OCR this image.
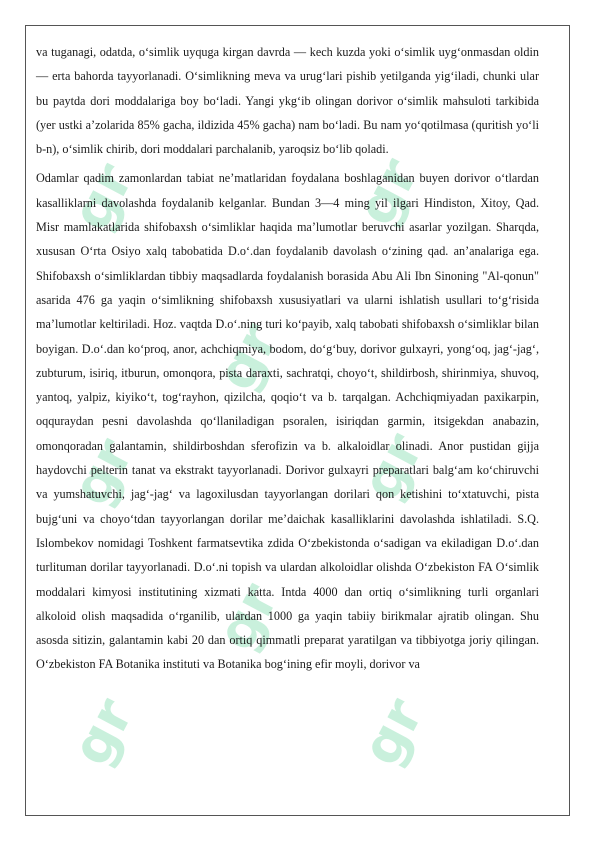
gr	gr
gr
gr	gr
gr
gr	gr

va tuganagi, odatda, o‘simlik uyquga kirgan davrda — kech kuzda yoki o‘simlik uyg‘onmasdan oldin — erta bahorda tayyorlanadi. O‘simlikning meva va urug‘lari pishib yetilganda yig‘iladi, chunki ular bu paytda dori moddalariga boy bo‘ladi. Yangi ykg‘ib olingan dorivor o‘simlik mahsuloti tarkibida (yer ustki a’zolarida 85% gacha, ildizida 45% gacha) nam bo‘ladi. Bu nam yo‘qotilmasa (quritish yo‘li b-n), o‘simlik chirib, dori moddalari parchalanib, yaroqsiz bo‘lib qoladi.

Odamlar qadim zamonlardan tabiat ne’matlaridan foydalana boshlaganidan buyen dorivor o‘tlardan kasalliklarni davolashda foydalanib kelganlar. Bundan 3—4 ming yil ilgari Hindiston, Xitoy, Qad. Misr mamlakatlarida shifobaxsh o‘simliklar haqida ma’lumotlar beruvchi asarlar yozilgan. Sharqda, xususan O‘rta Osiyo xalq tabobatida D.o‘.dan foydalanib davolash o‘zining qad. an’analariga ega. Shifobaxsh o‘simliklardan tibbiy maqsadlarda foydalanish borasida Abu Ali Ibn Sinoning "Al-qonun" asarida 476 ga yaqin o‘simlikning shifobaxsh xususiyatlari va ularni ishlatish usullari to‘g‘risida ma’lumotlar keltiriladi. Hoz. vaqtda D.o‘.ning turi ko‘payib, xalq tabobati shifobaxsh o‘simliklar bilan boyigan. D.o‘.dan ko‘proq, anor, achchiqmiya, bodom, do‘g‘buy, dorivor gulxayri, yong‘oq, jag‘-jag‘, zubturum, isiriq, itburun, omonqora, pista daraxti, sachratqi, choyo‘t, shildirbosh, shirinmiya, shuvoq, yantoq, yalpiz, kiyiko‘t, tog‘rayhon, qizilcha, qoqio‘t va b. tarqalgan. Achchiqmiyadan paxikarpin, oqquraydan pesni davolashda qo‘llaniladigan psoralen, isiriqdan garmin, itsigekdan anabazin, omonqoradan galantamin, shildirboshdan sferofizin va b. alkaloidlar olinadi. Anor pustidan gijja haydovchi pelterin tanat va ekstrakt tayyorlanadi. Dorivor gulxayri preparatlari balg‘am ko‘chiruvchi va yumshatuvchi, jag‘-jag‘ va lagoxilusdan tayyorlangan dorilari qon ketishini to‘xtatuvchi, pista bujg‘uni va choyo‘tdan tayyorlangan dorilar me’daichak kasalliklarini davolashda ishlatiladi. S.Q. Islombekov nomidagi Toshkent farmatsevtika zdida O‘zbekistonda o‘sadigan va ekiladigan D.o‘.dan turlituman dorilar tayyorlanadi. D.o‘.ni topish va ulardan alkoloidlar olishda O‘zbekiston FA O‘simlik moddalari kimyosi institutining xizmati katta. Intda 4000 dan ortiq o‘simlikning turli organlari alkoloid olish maqsadida o‘rganilib, ulardan 1000 ga yaqin tabiiy birikmalar ajratib olingan. Shu asosda sitizin, galantamin kabi 20 dan ortiq qimmatli preparat yaratilgan va tibbiyotga joriy qilingan. O‘zbekiston FA Botanika instituti va Botanika bog‘ining efir moyli, dorivor va
